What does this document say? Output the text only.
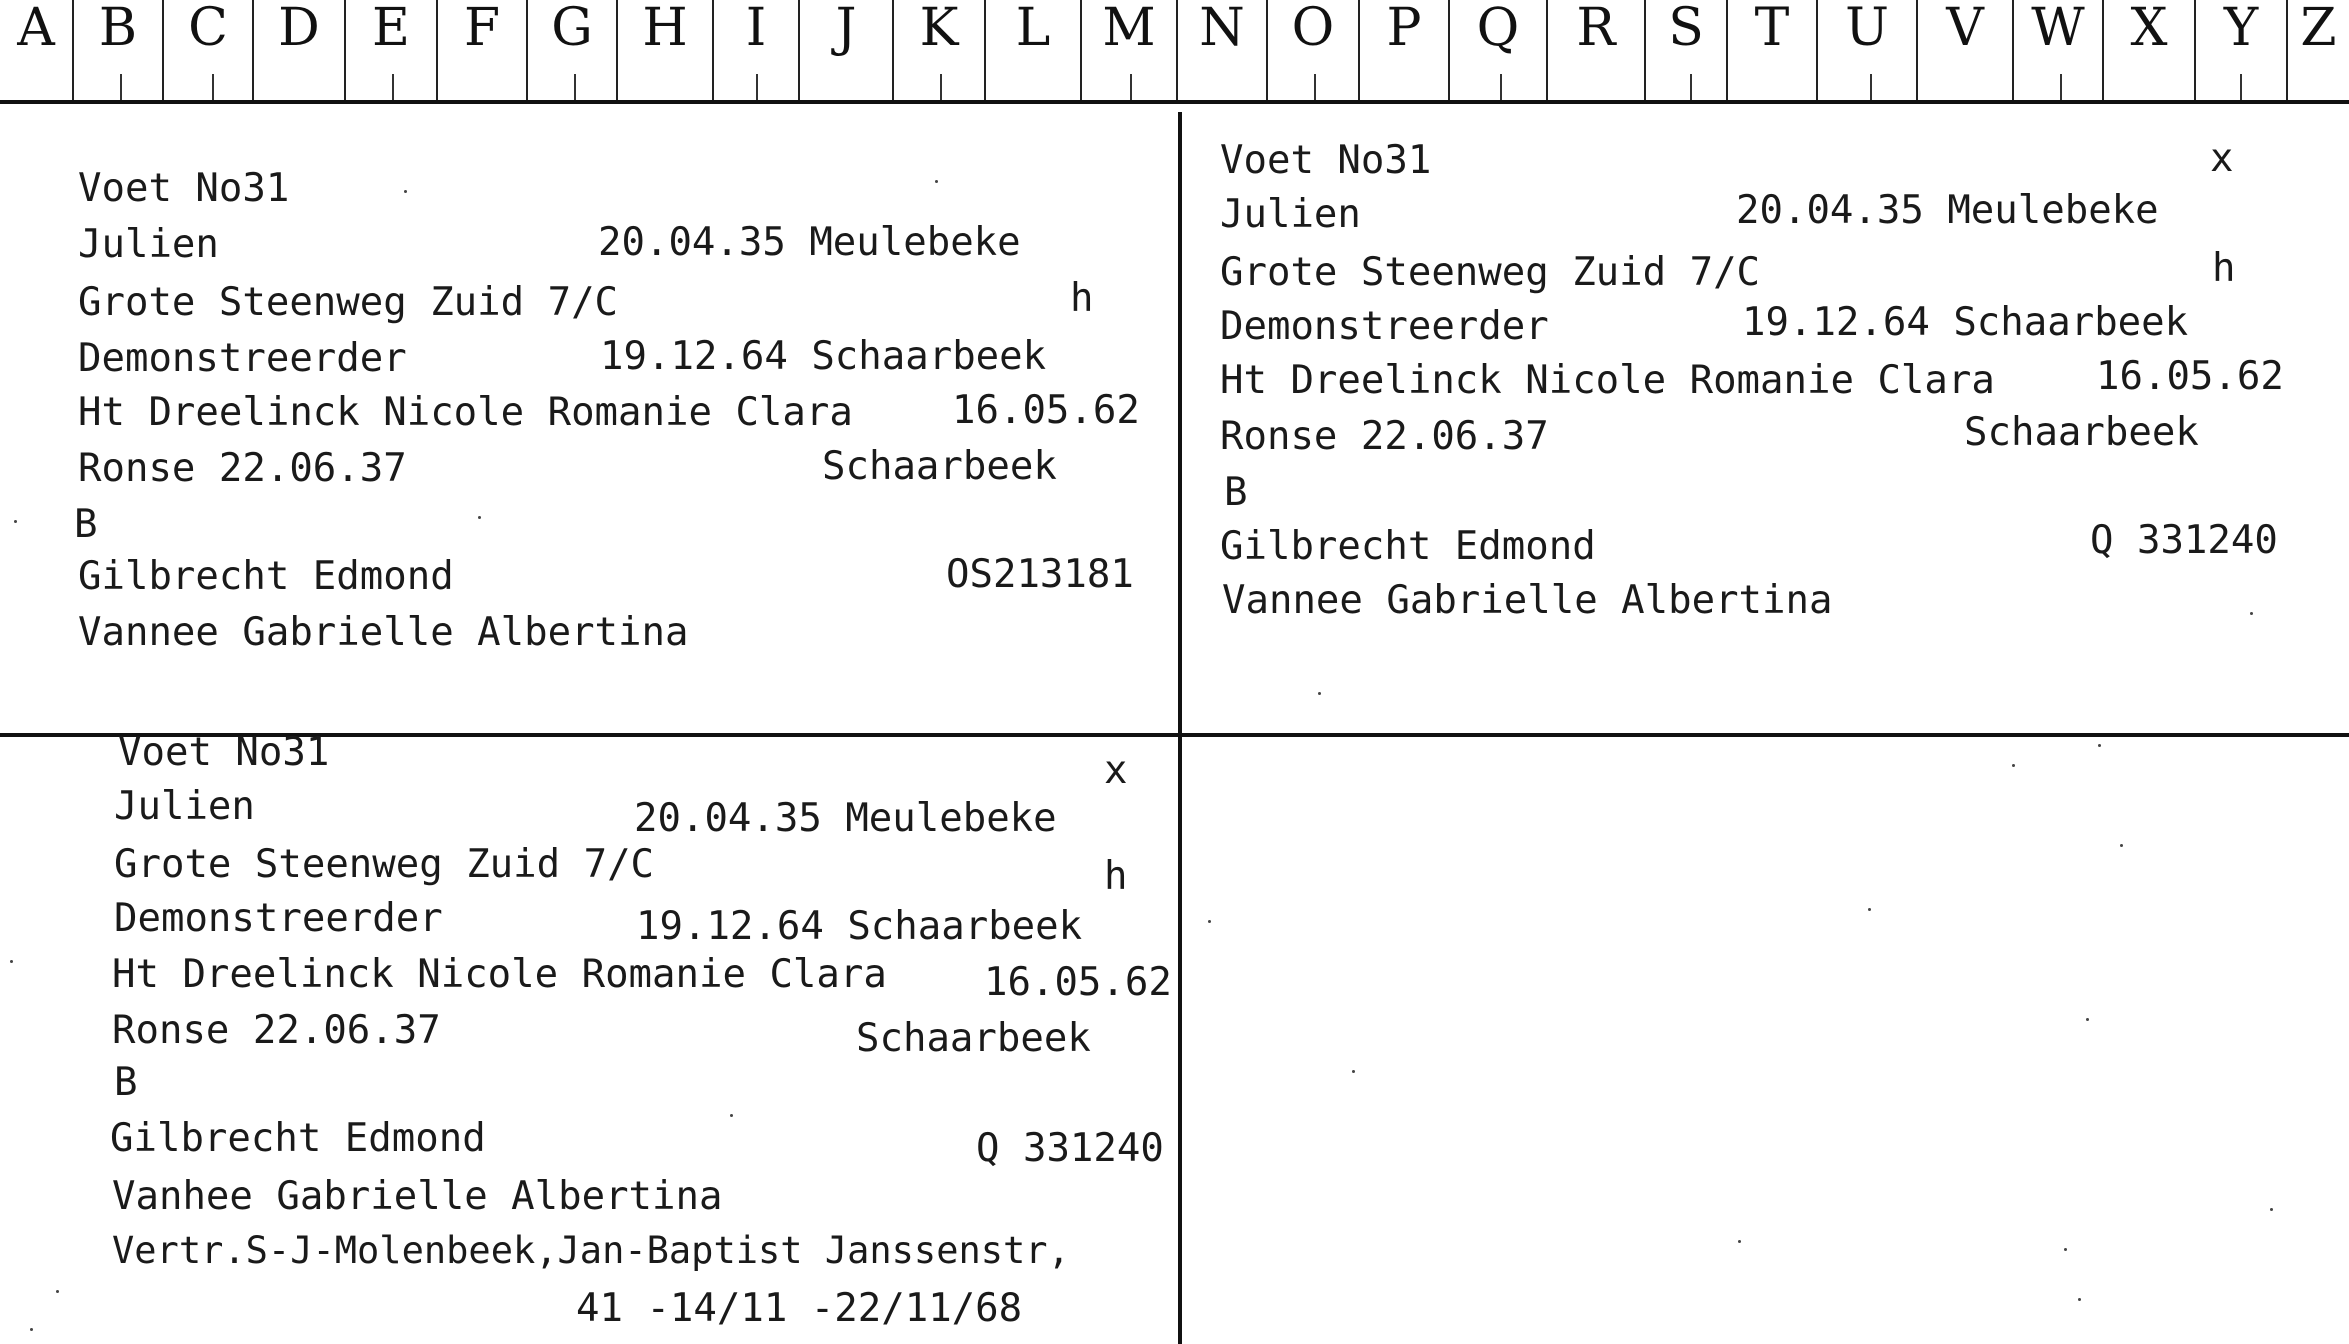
A B C D E F G H I J K L M N O P Q R S T U V W X Y Z
Voet No31
Julien	20.04.35 Meulebeke
Grote Steenweg Zuid 7/C	h
Demonstreerder	19.12.64 Schaarbeek
Ht Dreelinck Nicole Romanie Clara	16.05.62
Ronse 22.06.37	Schaarbeek
B
Gilbrecht Edmond	OS213181
Vannee Gabrielle Albertina
Voet No31	x
Julien	20.04.35 Meulebeke
Grote Steenweg Zuid 7/C	h
Demonstreerder	19.12.64 Schaarbeek
Ht Dreelinck Nicole Romanie Clara	16.05.62
Ronse 22.06.37	Schaarbeek
B
Gilbrecht Edmond	Q 331240
Vannee Gabrielle Albertina
Voet No31	x
Julien	20.04.35 Meulebeke
Grote Steenweg Zuid 7/C	h
Demonstreerder	19.12.64 Schaarbeek
Ht Dreelinck Nicole Romanie Clara 16.05.62
Ronse 22.06.37	Schaarbeek
B
Gilbrecht Edmond	Q 331240
Vanhee Gabrielle Albertina
Vertr.S-J-Molenbeek,Jan-Baptist Janssenstr,
41 -14/11 -22/11/68
